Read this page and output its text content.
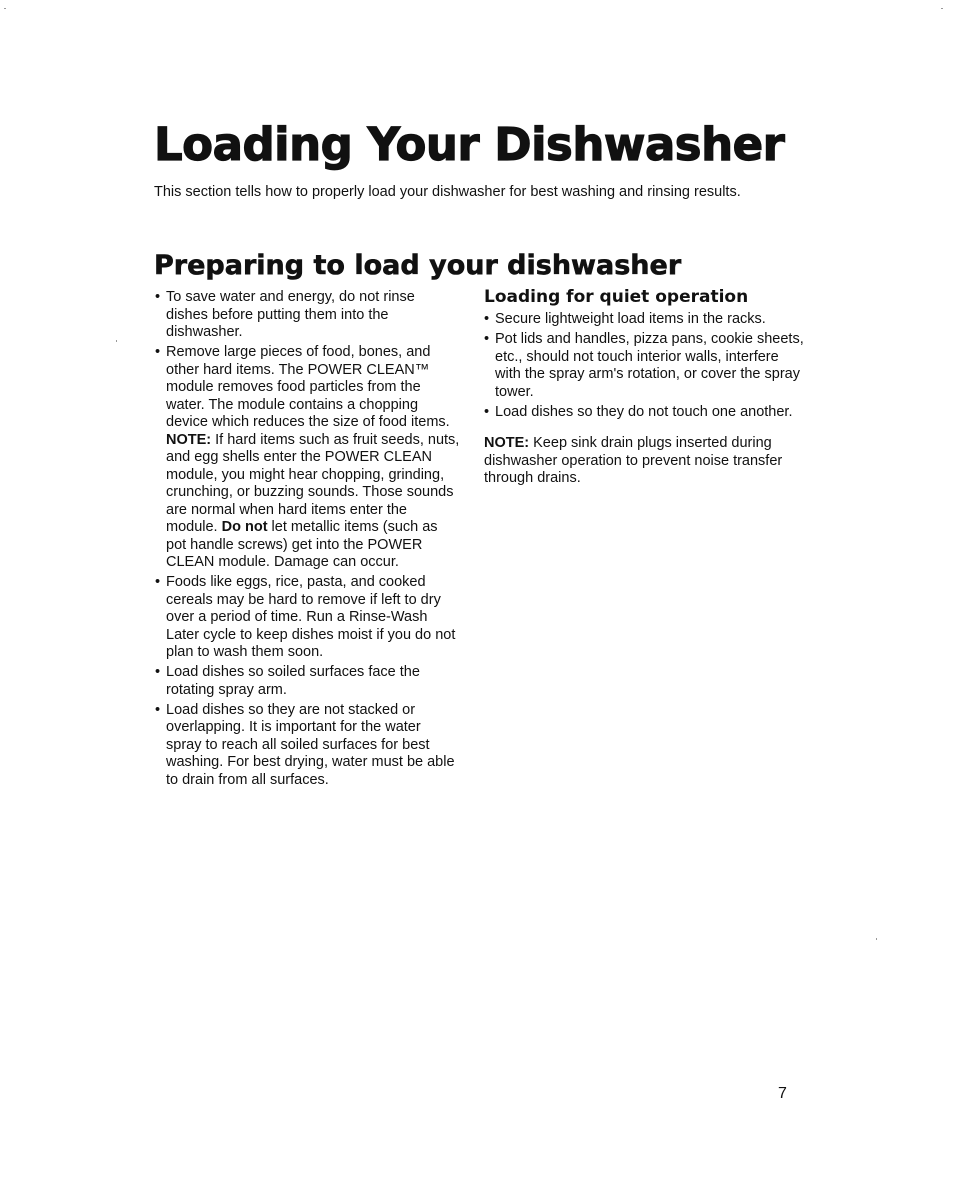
Loading Your Dishwasher

This section tells how to properly load your dishwasher for best washing and rinsing results.

Preparing to load your dishwasher
• To save water and energy, do not rinse dishes before putting them into the dishwasher.
• Remove large pieces of food, bones, and other hard items. The POWER CLEAN™ module removes food particles from the water. The module contains a chopping device which reduces the size of food items.
NOTE: If hard items such as fruit seeds, nuts, and egg shells enter the POWER CLEAN module, you might hear chopping, grinding, crunching, or buzzing sounds. Those sounds are normal when hard items enter the module. Do not let metallic items (such as pot handle screws) get into the POWER CLEAN module. Damage can occur.
• Foods like eggs, rice, pasta, and cooked cereals may be hard to remove if left to dry over a period of time. Run a Rinse-Wash Later cycle to keep dishes moist if you do not plan to wash them soon.
• Load dishes so soiled surfaces face the rotating spray arm.
• Load dishes so they are not stacked or overlapping. It is important for the water spray to reach all soiled surfaces for best washing. For best drying, water must be able to drain from all surfaces.
Loading for quiet operation
• Secure lightweight load items in the racks.
• Pot lids and handles, pizza pans, cookie sheets, etc., should not touch interior walls, interfere with the spray arm's rotation, or cover the spray tower.
• Load dishes so they do not touch one another.

NOTE: Keep sink drain plugs inserted during dishwasher operation to prevent noise transfer through drains.

7
